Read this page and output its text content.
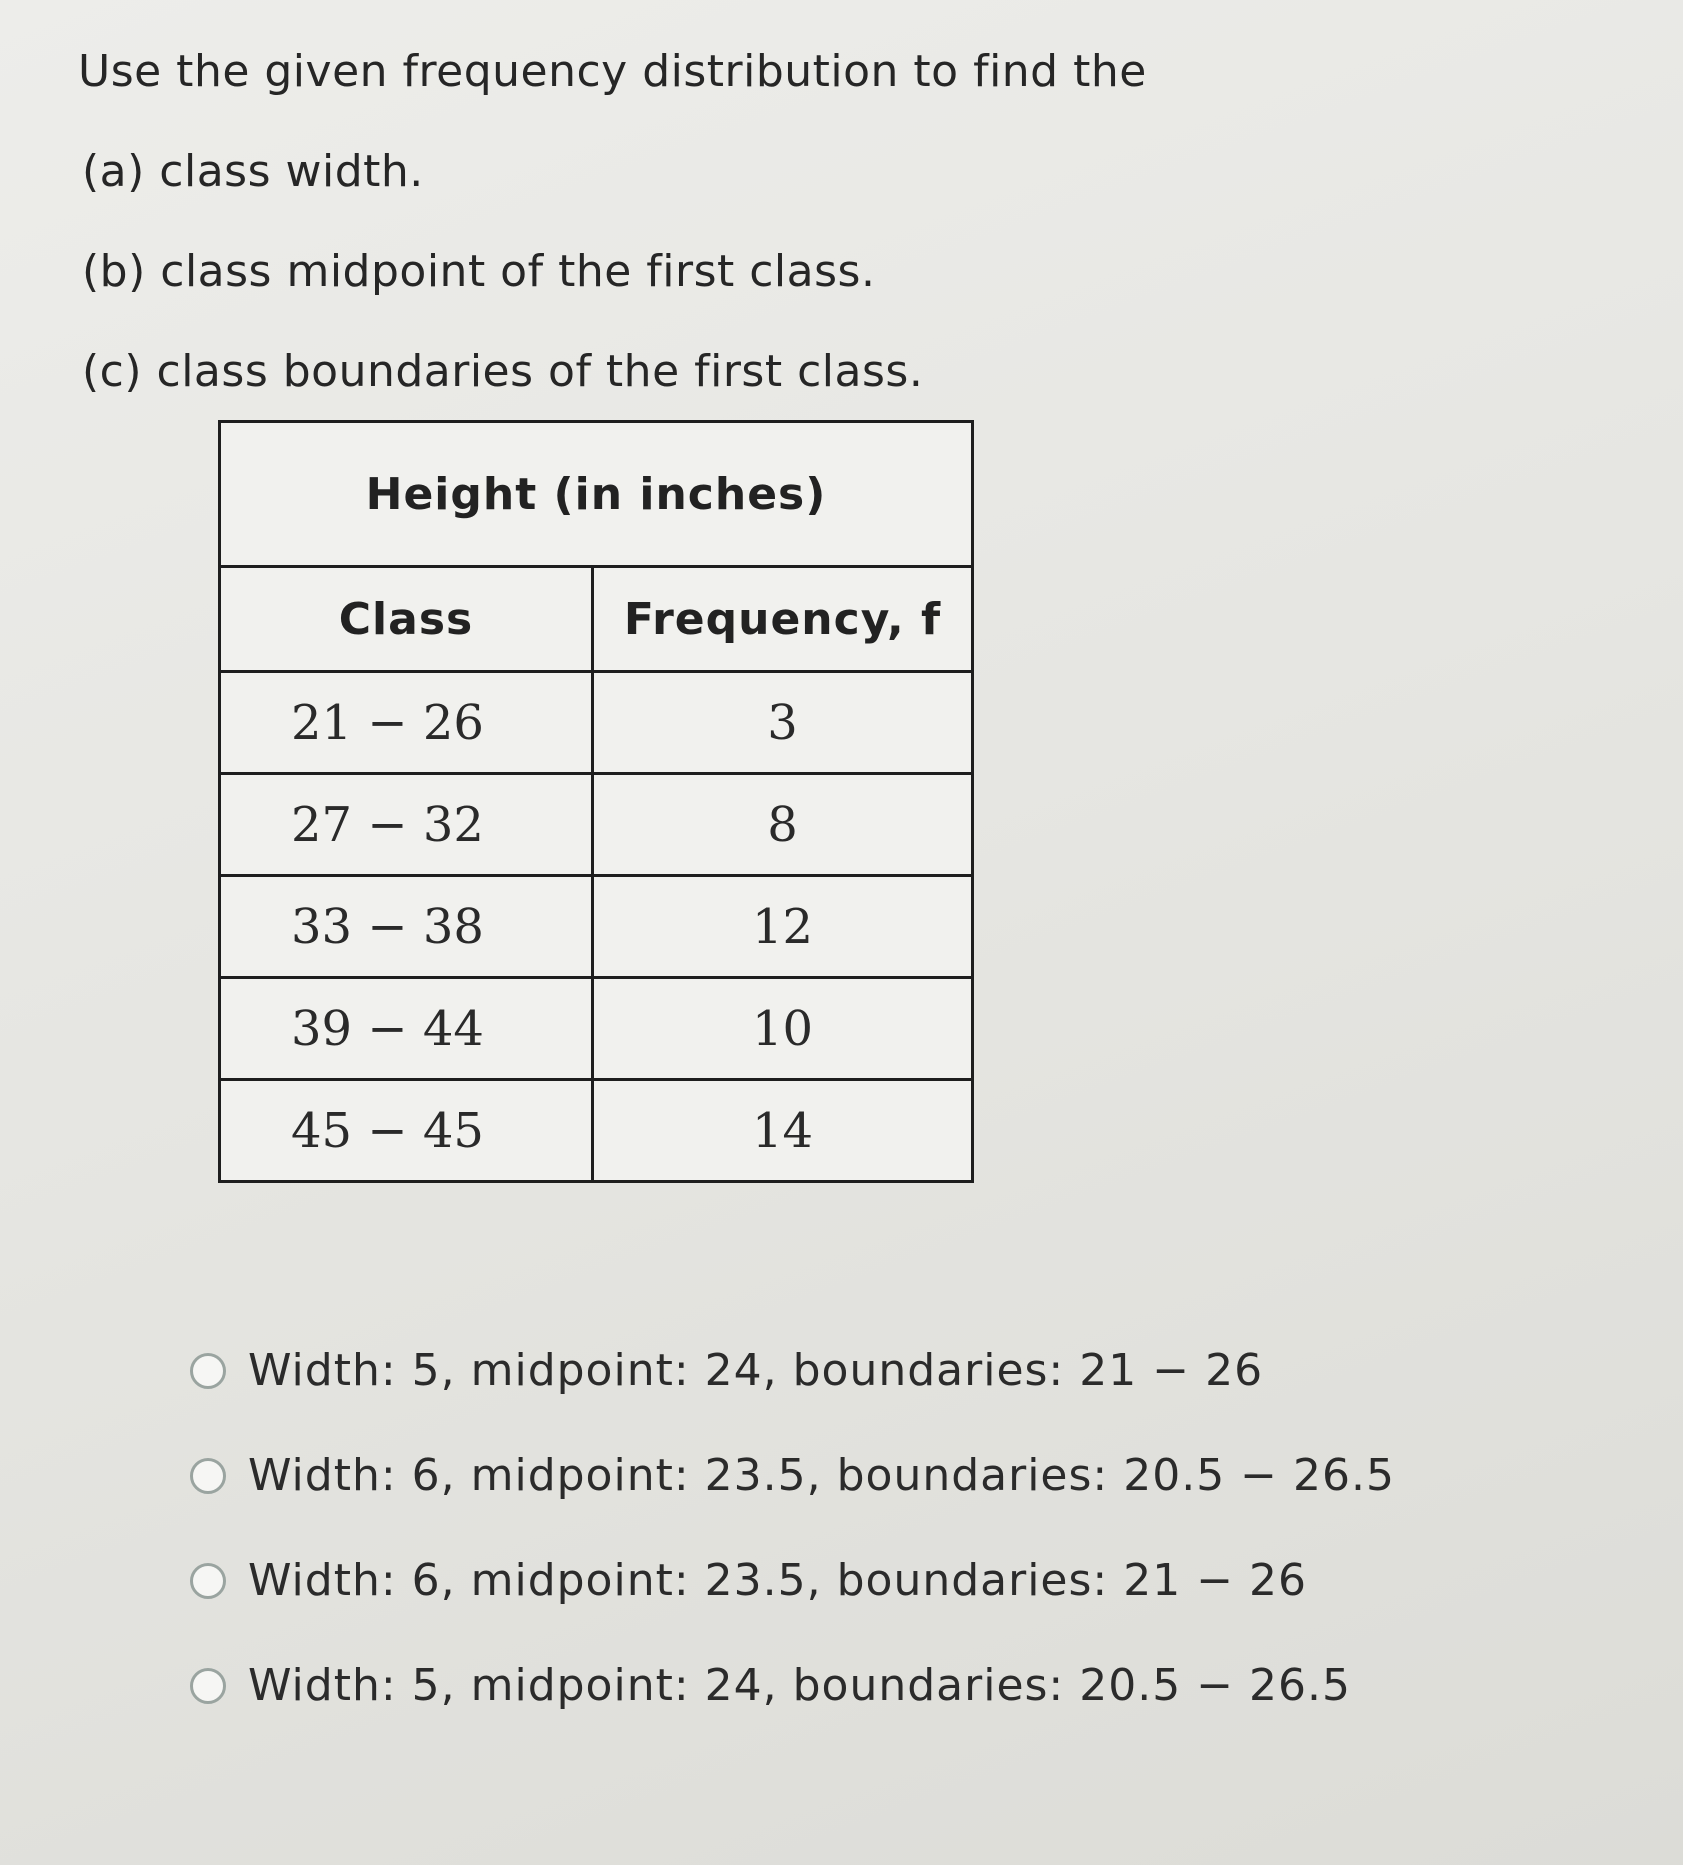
Use the given frequency distribution to find the

(a) class width.

(b) class midpoint of the first class.

(c) class boundaries of the first class.

Height (in inches)	
Class	Frequency, f
21 − 26	3
27 − 32	8
33 − 38	12
39 − 44	10
45 − 45	14
Width: 5, midpoint: 24, boundaries: 21 − 26
Width: 6, midpoint: 23.5, boundaries: 20.5 − 26.5
Width: 6, midpoint: 23.5, boundaries: 21 − 26
Width: 5, midpoint: 24, boundaries: 20.5 − 26.5
